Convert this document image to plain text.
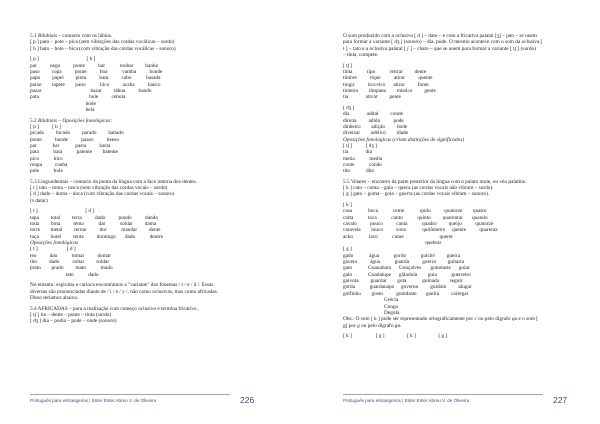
5.1 Bilabiais – contacto com os lábios.
[ p ] pato – pote – pica (sem vibrações das cordas vocálicas – surdo)
[ b ] bato – bote – bica (com vibração das cordas vocálicas – sonoro)
[ p ]                                    [ b ]
par          nega          ponte          bar           roubar         banho
paso         copa          ponte          boa           vamba          bonde
papo         papel         pinta          bata          cabo           basada
paixe        tapete        pano           bico          acaba          banco
pazar                                     bazar         tábua          bando
pata                                      bule          cebola
bode
bela
5.2 Bilabiais – Oposições fonológicas:
[ p ]          [ b ]
picado         bicado         parado         babado
ponte          bonde          pazeo          beeso
par            bar            pasta          basta
pata           bata           patente        batente
pico           bico
roupa          rouba
pule           bule
5.3 Linguodentais – contacto da ponta da língua com a face interna dos dentes.
[ t ] tato – toma – tosca (sem vibração das cordas vocais – surdo)
[ d ] dado – doma – doca (com vibração das cordas vocais – sonoro)
(v.datar)
[ t ]                                    [ d ]
tapa         total         terra          dado          pondo          dando
toda         bota          temo           dar           soldar         dama
torre        metal         terme          dor           mandar         dente
tuça         hotel         tenta          domingo       dado           dentre
Oposições fonológicas
[ t ]                      [ d ]
teu          dau           tomar          domar
tito         dado          soltar         soldar
prato        prado         mato           mudo
tato           dado
No entanto: espicaba e carioca encontramos a "variante" dos fonemas / t / e / d /. Essas
diversas são pronunciadas diante de / i / e / y /, não como oclusivas, mas como africadas.
Disso teríamos abaixo.
5.4 AFRICADAS – para a realização com começo oclusivo e termina fricativo.
[ tʃ ] tia – dente – ponte – tinta (surdo)
[ dʒ ] dia – podia – pode – onde (sonoro)
Português para estrangeiros | Ester Ester Abreu V. de Oliveira	226
O som produzido com a oclusiva [ d ] – dato – e com a fricativa palatal [ʒ] – jato – se unem
para formar a variante [ dʒ ] (sonoro) – dia, pode. O mesmo acontece com o som da oclusiva [
t ] – tato e a oclusiva palatal [ ʃ ] – chato – que se unem para formar a variante [ tʃ ] (surdo)
– tinta, compete.
[ tʃ ]
tinta           tipo           retirar         dente
timbre          tique          atirar          quente
tingir          tico-tico      atirar          fonte
tinteiro        tímpano        mistico         gente
tia             ativar         pente
[ dʒ ]
dia             adital         conde
direita         adido          pode
dinheiro        adição         bode
diversar        adélico        idade
Oposições fonológicas (criam distinções de significados)
[ tʃ ]          [ dʒ ]
tia             dia
metia           media
conte           conde
tito            dito
5.5 Velares – encontro da parte posterior da língua com o palato mole, ou véu palatino.
[ k ] cato – coma – gala – queca (as cordas vocais não vibram – surdo).
[ g ] gato – goma – gola – guerra (as cordas vocais vibram – sonoro).
[ k ]
casa            boca           come            quilo          quatorze        quatro
carta           toca           canto           quinto         quarentar       quando
cavalo          pouco          canta           quadro         queijo          quatorze
caravela        louco          sono            quilômetro     quente          quarenta
acho            laco           cume                           querer
quebrar
[ g ]
gado            água           gordo           guiché         guerra
gaveta          água           guarda          guerra         guitarra
gato            Guanabara      Gonçalves       guindaste      guiar
galo            Guadalupe      glândula        guia           guerreiro
gaivota         guardar        gota            guinada        seguir
gorda           guardanapo     governo         guidom         alugar
golfinho        gosto          guindaste       guelra         carregar
Grécia
Congo
Degola
Obs.: O som [ k ] pode ser representado ortograficamente por c ou pelo dígrafo qu e o som [
g] por g ou pelo dígrafo gu.
[ k ]                  [ g ]                 [ k ]                 [ g ]
Português para estrangeiros | Ester Ester Abreu V. de Oliveira	227
